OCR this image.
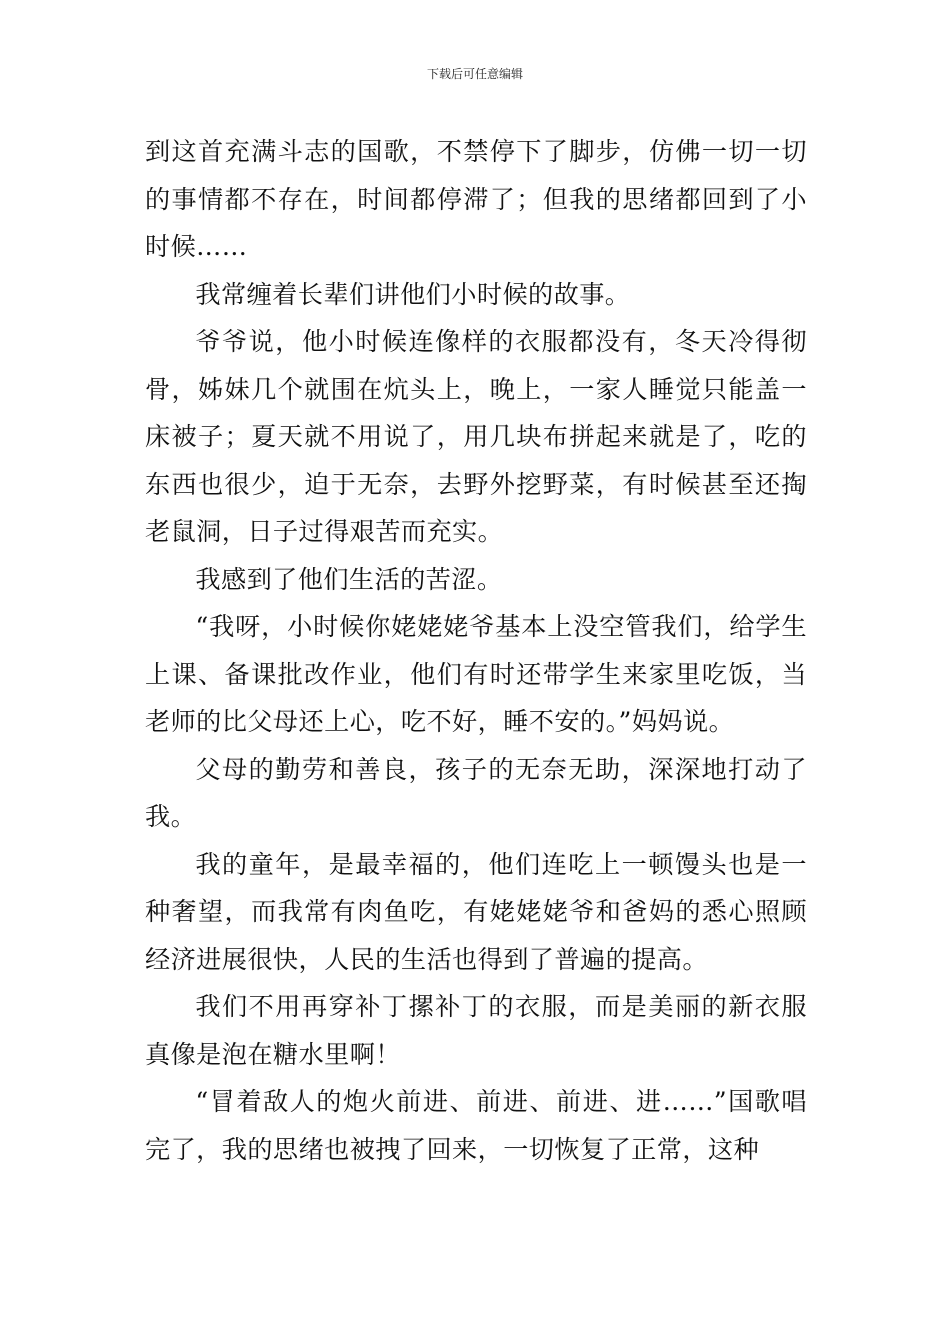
下载后可任意编辑

到这首充满斗志的国歌，不禁停下了脚步，仿佛一切一切的事情都不存在，时间都停滞了；但我的思绪都回到了小时候……

我常缠着长辈们讲他们小时候的故事。

爷爷说，他小时候连像样的衣服都没有，冬天冷得彻骨，姊妹几个就围在炕头上，晚上，一家人睡觉只能盖一床被子；夏天就不用说了，用几块布拼起来就是了，吃的东西也很少，迫于无奈，去野外挖野菜，有时候甚至还掏老鼠洞，日子过得艰苦而充实。

我感到了他们生活的苦涩。

“我呀，小时候你姥姥姥爷基本上没空管我们，给学生上课、备课批改作业，他们有时还带学生来家里吃饭，当老师的比父母还上心，吃不好，睡不安的。”妈妈说。

父母的勤劳和善良，孩子的无奈无助，深深地打动了我。

我的童年，是最幸福的，他们连吃上一顿馒头也是一种奢望，而我常有肉鱼吃，有姥姥姥爷和爸妈的悉心照顾经济进展很快，人民的生活也得到了普遍的提高。

我们不用再穿补丁摞补丁的衣服，而是美丽的新衣服真像是泡在糖水里啊！

“冒着敌人的炮火前进、前进、前进、进……”国歌唱完了，我的思绪也被拽了回来，一切恢复了正常，这种
